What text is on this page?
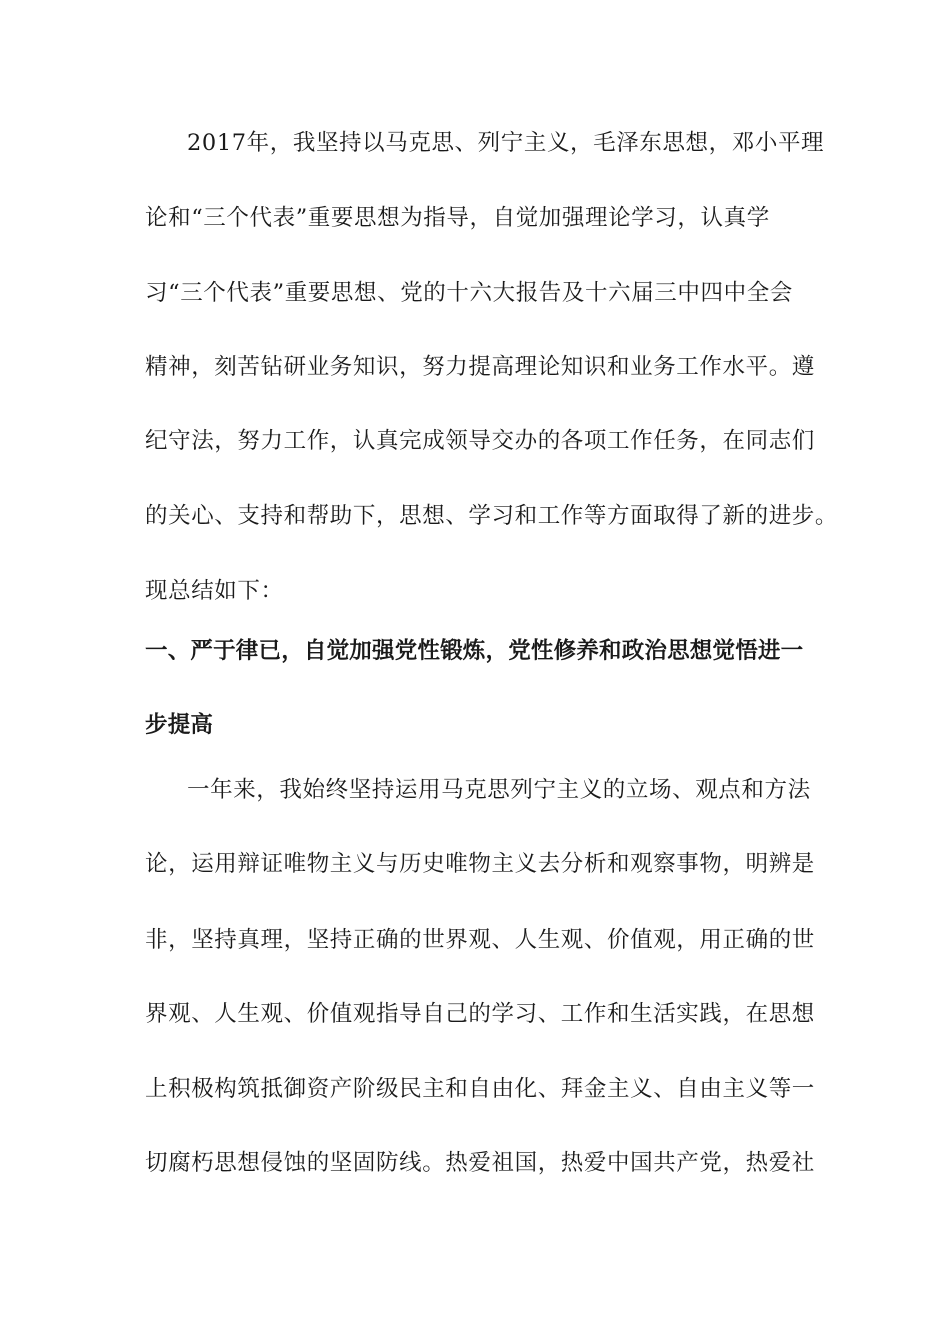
2017年，我坚持以马克思、列宁主义，毛泽东思想，邓小平理
论和“三个代表”重要思想为指导，自觉加强理论学习，认真学
习“三个代表”重要思想、党的十六大报告及十六届三中四中全会
精神，刻苦钻研业务知识，努力提高理论知识和业务工作水平。遵
纪守法，努力工作，认真完成领导交办的各项工作任务，在同志们
的关心、支持和帮助下，思想、学习和工作等方面取得了新的进步。
现总结如下：
一、严于律已，自觉加强党性锻炼，党性修养和政治思想觉悟进一
步提高
一年来，我始终坚持运用马克思列宁主义的立场、观点和方法
论，运用辩证唯物主义与历史唯物主义去分析和观察事物，明辨是
非，坚持真理，坚持正确的世界观、人生观、价值观，用正确的世
界观、人生观、价值观指导自己的学习、工作和生活实践，在思想
上积极构筑抵御资产阶级民主和自由化、拜金主义、自由主义等一
切腐朽思想侵蚀的坚固防线。热爱祖国，热爱中国共产党，热爱社
